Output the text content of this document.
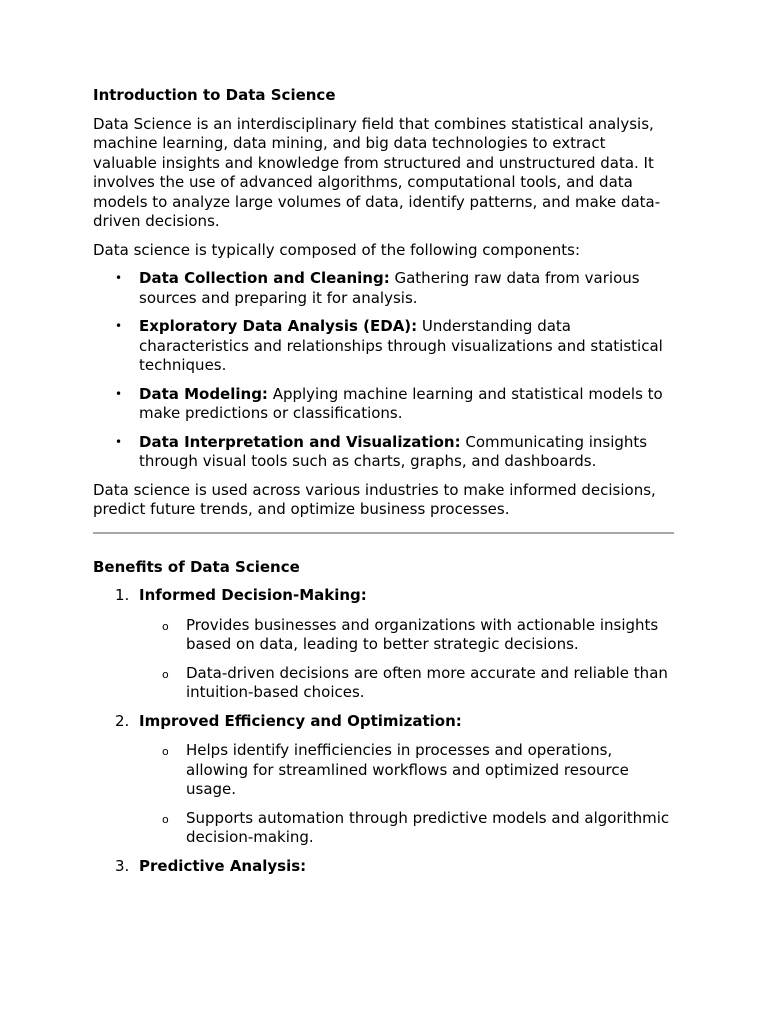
Introduction to Data Science

Data Science is an interdisciplinary field that combines statistical analysis, machine learning, data mining, and big data technologies to extract valuable insights and knowledge from structured and unstructured data. It involves the use of advanced algorithms, computational tools, and data models to analyze large volumes of data, identify patterns, and make data-driven decisions.

Data science is typically composed of the following components:

• Data Collection and Cleaning: Gathering raw data from various sources and preparing it for analysis.
• Exploratory Data Analysis (EDA): Understanding data characteristics and relationships through visualizations and statistical techniques.
• Data Modeling: Applying machine learning and statistical models to make predictions or classifications.
• Data Interpretation and Visualization: Communicating insights through visual tools such as charts, graphs, and dashboards.

Data science is used across various industries to make informed decisions, predict future trends, and optimize business processes.

Benefits of Data Science
1. Informed Decision-Making:
o Provides businesses and organizations with actionable insights based on data, leading to better strategic decisions.
o Data-driven decisions are often more accurate and reliable than intuition-based choices.
2. Improved Efficiency and Optimization:
o Helps identify inefficiencies in processes and operations, allowing for streamlined workflows and optimized resource usage.
o Supports automation through predictive models and algorithmic decision-making.
3. Predictive Analysis:
